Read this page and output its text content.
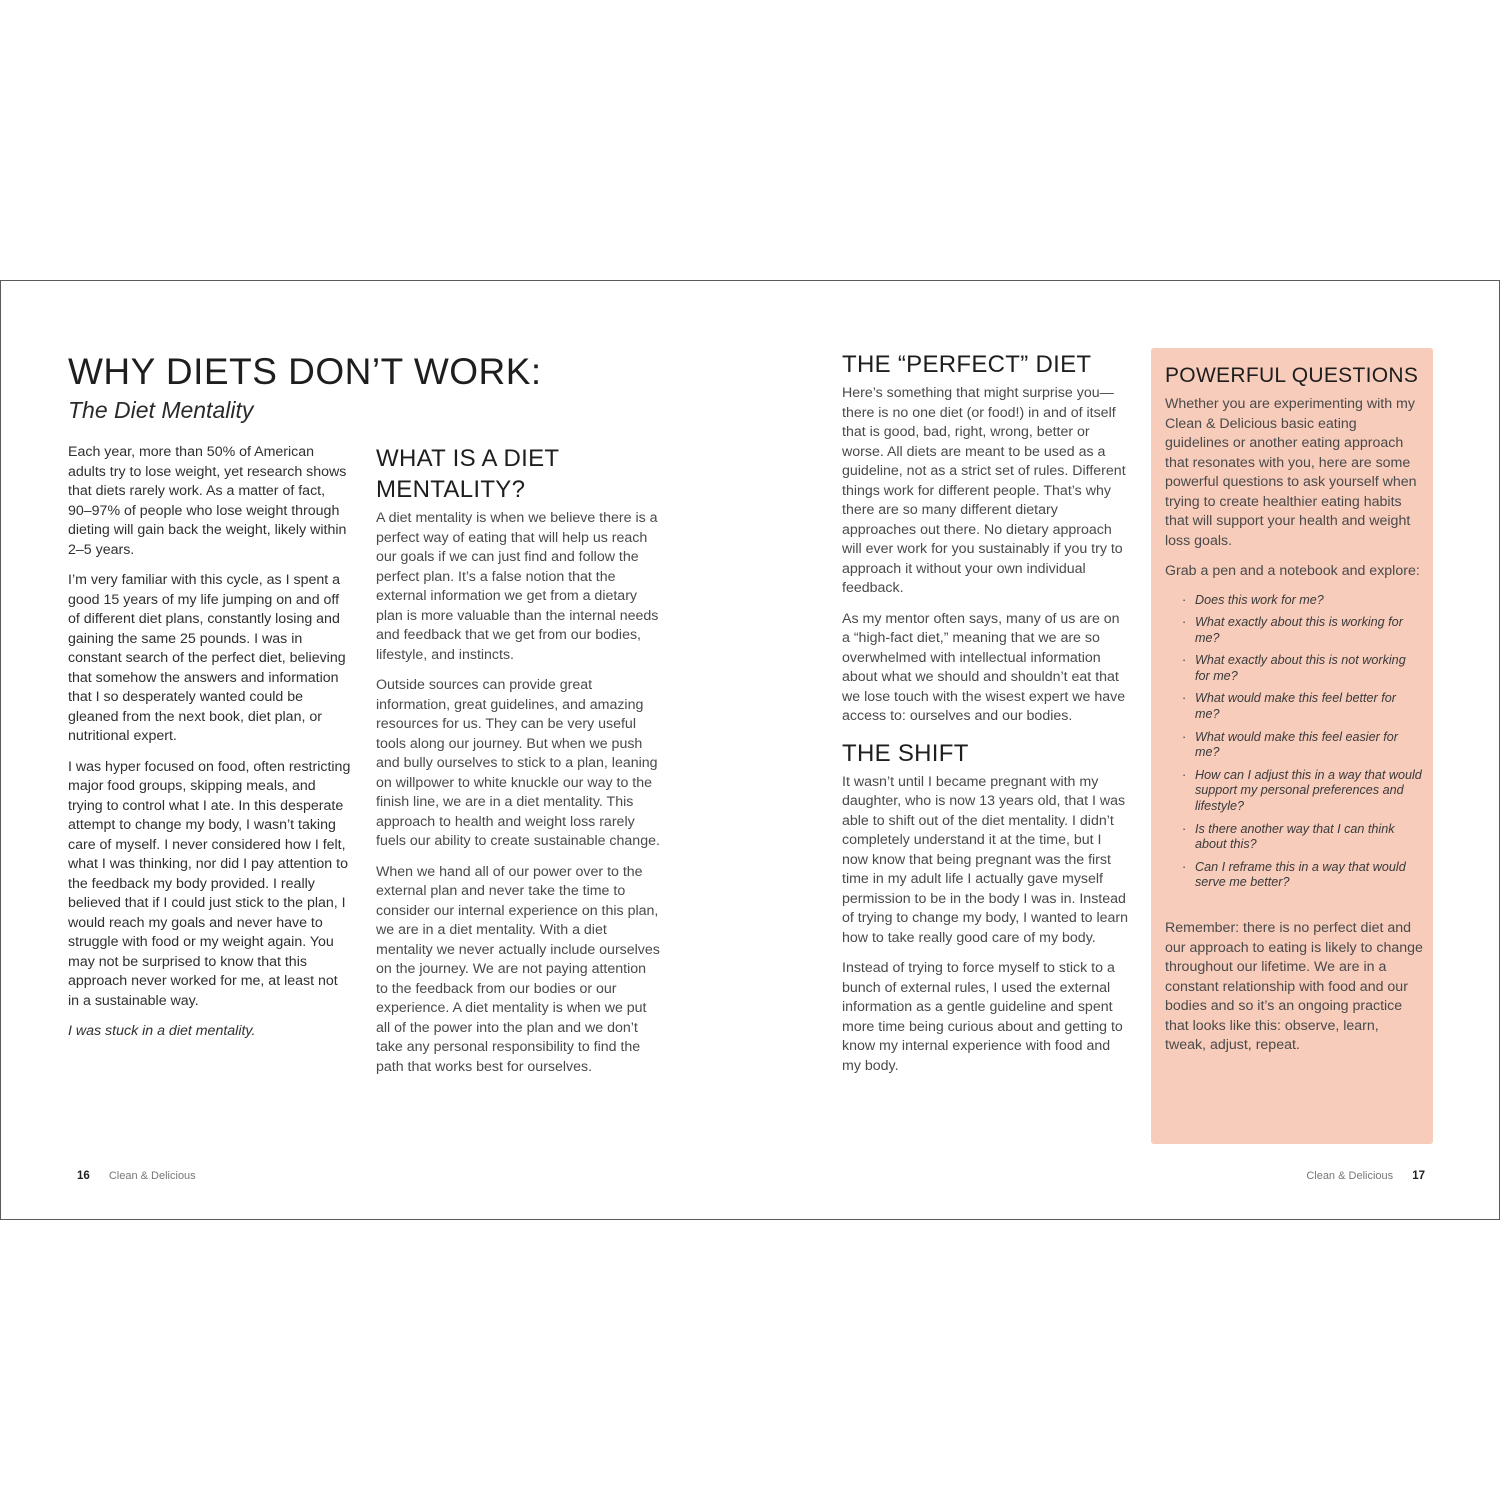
WHY DIETS DON’T WORK:
The Diet Mentality

Each year, more than 50% of American adults try to lose weight, yet research shows that diets rarely work. As a matter of fact, 90–97% of people who lose weight through dieting will gain back the weight, likely within 2–5 years.

I’m very familiar with this cycle, as I spent a good 15 years of my life jumping on and off of different diet plans, constantly losing and gaining the same 25 pounds. I was in constant search of the perfect diet, believing that somehow the answers and information that I so desperately wanted could be gleaned from the next book, diet plan, or nutritional expert.

I was hyper focused on food, often restricting major food groups, skipping meals, and trying to control what I ate. In this desperate attempt to change my body, I wasn’t taking care of myself. I never considered how I felt, what I was thinking, nor did I pay attention to the feedback my body provided. I really believed that if I could just stick to the plan, I would reach my goals and never have to struggle with food or my weight again. You may not be surprised to know that this approach never worked for me, at least not in a sustainable way.

I was stuck in a diet mentality.

WHAT IS A DIET MENTALITY?

A diet mentality is when we believe there is a perfect way of eating that will help us reach our goals if we can just find and follow the perfect plan. It’s a false notion that the external information we get from a dietary plan is more valuable than the internal needs and feedback that we get from our bodies, lifestyle, and instincts.

Outside sources can provide great information, great guidelines, and amazing resources for us. They can be very useful tools along our journey. But when we push and bully ourselves to stick to a plan, leaning on willpower to white knuckle our way to the finish line, we are in a diet mentality. This approach to health and weight loss rarely fuels our ability to create sustainable change.

When we hand all of our power over to the external plan and never take the time to consider our internal experience on this plan, we are in a diet mentality. With a diet mentality we never actually include ourselves on the journey. We are not paying attention to the feedback from our bodies or our experience. A diet mentality is when we put all of the power into the plan and we don’t take any personal responsibility to find the path that works best for ourselves.

THE “PERFECT” DIET

Here’s something that might surprise you—there is no one diet (or food!) in and of itself that is good, bad, right, wrong, better or worse. All diets are meant to be used as a guideline, not as a strict set of rules. Different things work for different people. That’s why there are so many different dietary approaches out there. No dietary approach will ever work for you sustainably if you try to approach it without your own individual feedback.

As my mentor often says, many of us are on a “high-fact diet,” meaning that we are so overwhelmed with intellectual information about what we should and shouldn’t eat that we lose touch with the wisest expert we have access to: ourselves and our bodies.

THE SHIFT

It wasn’t until I became pregnant with my daughter, who is now 13 years old, that I was able to shift out of the diet mentality. I didn’t completely understand it at the time, but I now know that being pregnant was the first time in my adult life I actually gave myself permission to be in the body I was in. Instead of trying to change my body, I wanted to learn how to take really good care of my body.

Instead of trying to force myself to stick to a bunch of external rules, I used the external information as a gentle guideline and spent more time being curious about and getting to know my internal experience with food and my body.

POWERFUL QUESTIONS

Whether you are experimenting with my Clean & Delicious basic eating guidelines or another eating approach that resonates with you, here are some powerful questions to ask yourself when trying to create healthier eating habits that will support your health and weight loss goals.

Grab a pen and a notebook and explore:

· Does this work for me?
· What exactly about this is working for me?
· What exactly about this is not working for me?
· What would make this feel better for me?
· What would make this feel easier for me?
· How can I adjust this in a way that would support my personal preferences and lifestyle?
· Is there another way that I can think about this?
· Can I reframe this in a way that would serve me better?

Remember: there is no perfect diet and our approach to eating is likely to change throughout our lifetime. We are in a constant relationship with food and our bodies and so it’s an ongoing practice that looks like this: observe, learn, tweak, adjust, repeat.

16 Clean & Delicious	Clean & Delicious 17
